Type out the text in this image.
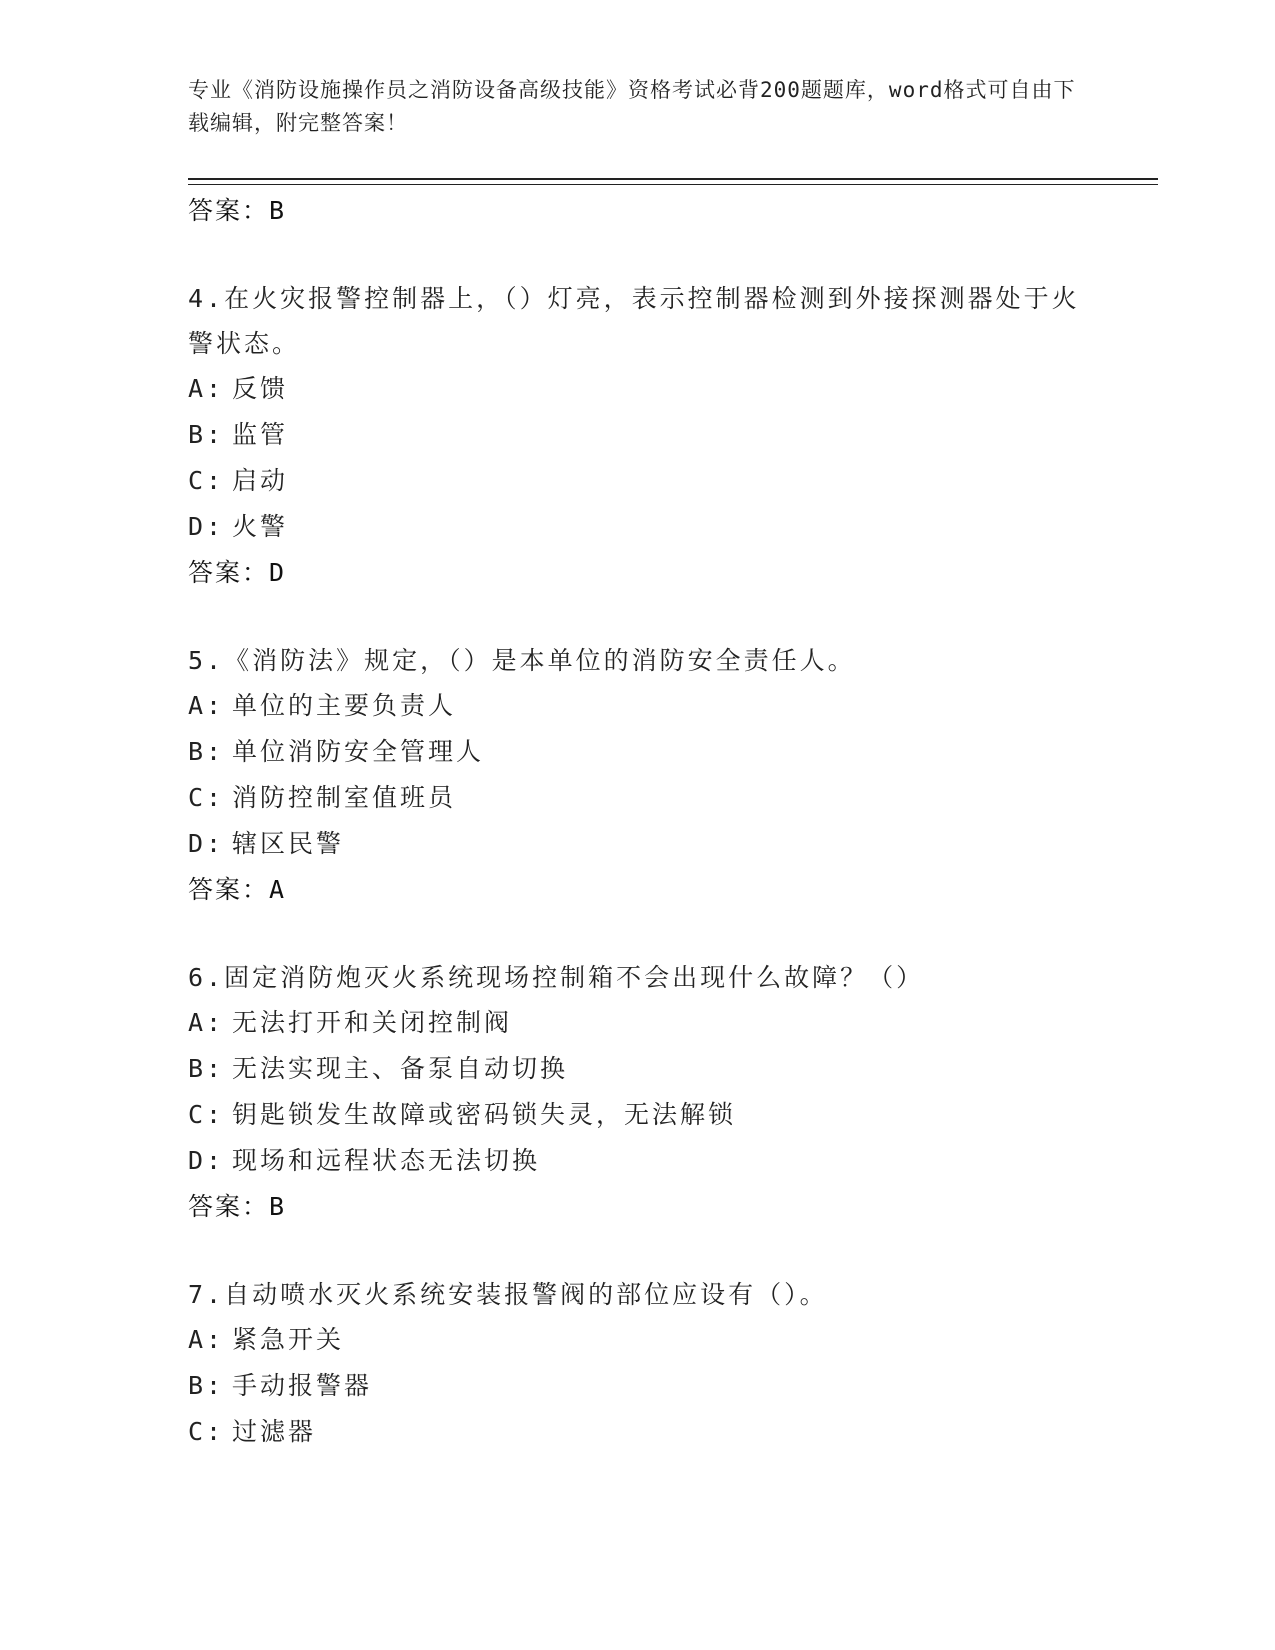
专业《消防设施操作员之消防设备高级技能》资格考试必背200题题库，word格式可自由下载编辑，附完整答案！

答案：B

4.在火灾报警控制器上，（）灯亮，表示控制器检测到外接探测器处于火警状态。

A: 反馈
B: 监管
C: 启动
D: 火警

答案：D

5.《消防法》规定，（）是本单位的消防安全责任人。

A: 单位的主要负责人
B: 单位消防安全管理人
C: 消防控制室值班员
D: 辖区民警

答案：A

6.固定消防炮灭火系统现场控制箱不会出现什么故障？（）

A: 无法打开和关闭控制阀
B: 无法实现主、备泵自动切换
C: 钥匙锁发生故障或密码锁失灵，无法解锁
D: 现场和远程状态无法切换

答案：B

7.自动喷水灭火系统安装报警阀的部位应设有（）。

A: 紧急开关
B: 手动报警器
C: 过滤器
